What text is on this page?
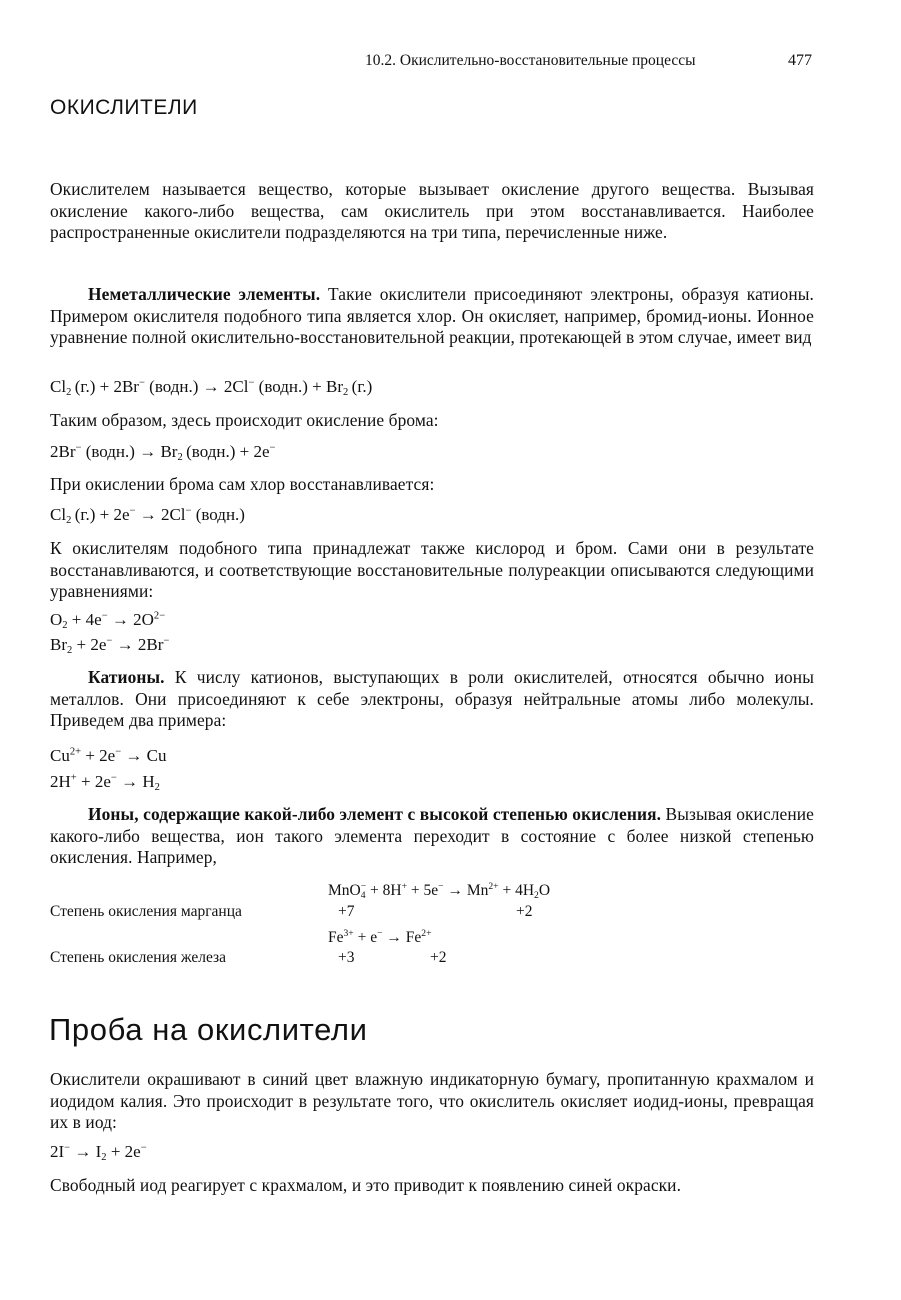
10.2. Окислительно-восстановительные процессы	477
ОКИСЛИТЕЛИ
Окислителем называется вещество, которые вызывает окисление другого вещества. Вызывая окисление какого-либо вещества, сам окислитель при этом восстанавливается. Наиболее распространенные окислители подразделяются на три типа, перечисленные ниже.
Неметаллические элементы. Такие окислители присоединяют электроны, образуя катионы. Примером окислителя подобного типа является хлор. Он окисляет, например, бромид-ионы. Ионное уравнение полной окислительно-восстановительной реакции, протекающей в этом случае, имеет вид
$Cl_2$ (г.) + 2Br− (водн.) → 2Cl− (водн.) + $Br_2$ (г.)
Таким образом, здесь происходит окисление брома:
2Br− (водн.) → $Br_2$ (водн.) + 2e−
При окислении брома сам хлор восстанавливается:
$Cl_2$ (г.) + 2e− → 2Cl− (водн.)
К окислителям подобного типа принадлежат также кислород и бром. Сами они в результате восстанавливаются, и соответствующие восстановительные полуреакции описываются следующими уравнениями:
$O_2 + 4e^- \to 2O^{2-}$
$Br_2 + 2e^- \to 2Br^-$
Катионы. К числу катионов, выступающих в роли окислителей, относятся обычно ионы металлов. Они присоединяют к себе электроны, образуя нейтральные атомы либо молекулы. Приведем два примера:
$Cu^{2+} + 2e^- \to Cu$
$2H^+ + 2e^- \to H_2$
Ионы, содержащие какой-либо элемент с высокой степенью окисления. Вызывая окисление какого-либо вещества, ион такого элемента переходит в состояние с более низкой степенью окисления. Например,
$MnO_4^- + 8H^+ + 5e^- \to Mn^{2+} + 4H_2O$
Степень окисления марганца	+7	+2
$Fe^{3+} + e^- \to Fe^{2+}$
Степень окисления железа	+3	+2
Проба на окислители
Окислители окрашивают в синий цвет влажную индикаторную бумагу, пропитанную крахмалом и иодидом калия. Это происходит в результате того, что окислитель окисляет иодид-ионы, превращая их в иод:
$2I^- \to I_2 + 2e^-$
Свободный иод реагирует с крахмалом, и это приводит к появлению синей окраски.
